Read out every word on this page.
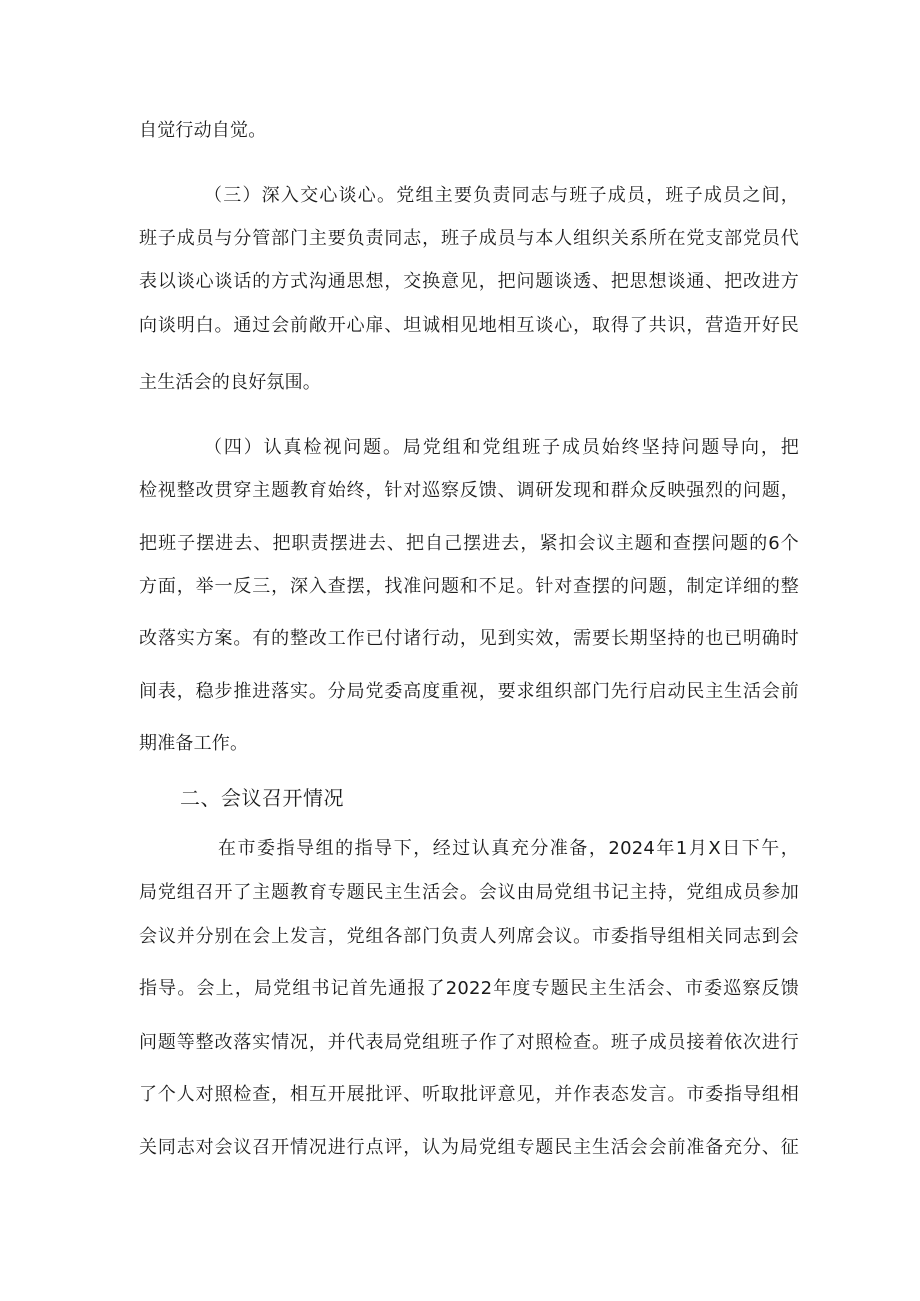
自觉行动自觉。
（三）深入交心谈心。党组主要负责同志与班子成员，班子成员之间，
班子成员与分管部门主要负责同志，班子成员与本人组织关系所在党支部党员代
表以谈心谈话的方式沟通思想，交换意见，把问题谈透、把思想谈通、把改进方
向谈明白。通过会前敞开心扉、坦诚相见地相互谈心，取得了共识，营造开好民
主生活会的良好氛围。
（四）认真检视问题。局党组和党组班子成员始终坚持问题导向，把
检视整改贯穿主题教育始终，针对巡察反馈、调研发现和群众反映强烈的问题，
把班子摆进去、把职责摆进去、把自己摆进去，紧扣会议主题和查摆问题的6个
方面，举一反三，深入查摆，找准问题和不足。针对查摆的问题，制定详细的整
改落实方案。有的整改工作已付诸行动，见到实效，需要长期坚持的也已明确时
间表，稳步推进落实。分局党委高度重视，要求组织部门先行启动民主生活会前
期准备工作。
二、会议召开情况
在市委指导组的指导下，经过认真充分准备，2024年1月X日下午，
局党组召开了主题教育专题民主生活会。会议由局党组书记主持，党组成员参加
会议并分别在会上发言，党组各部门负责人列席会议。市委指导组相关同志到会
指导。会上，局党组书记首先通报了2022年度专题民主生活会、市委巡察反馈
问题等整改落实情况，并代表局党组班子作了对照检查。班子成员接着依次进行
了个人对照检查，相互开展批评、听取批评意见，并作表态发言。市委指导组相
关同志对会议召开情况进行点评，认为局党组专题民主生活会会前准备充分、征
